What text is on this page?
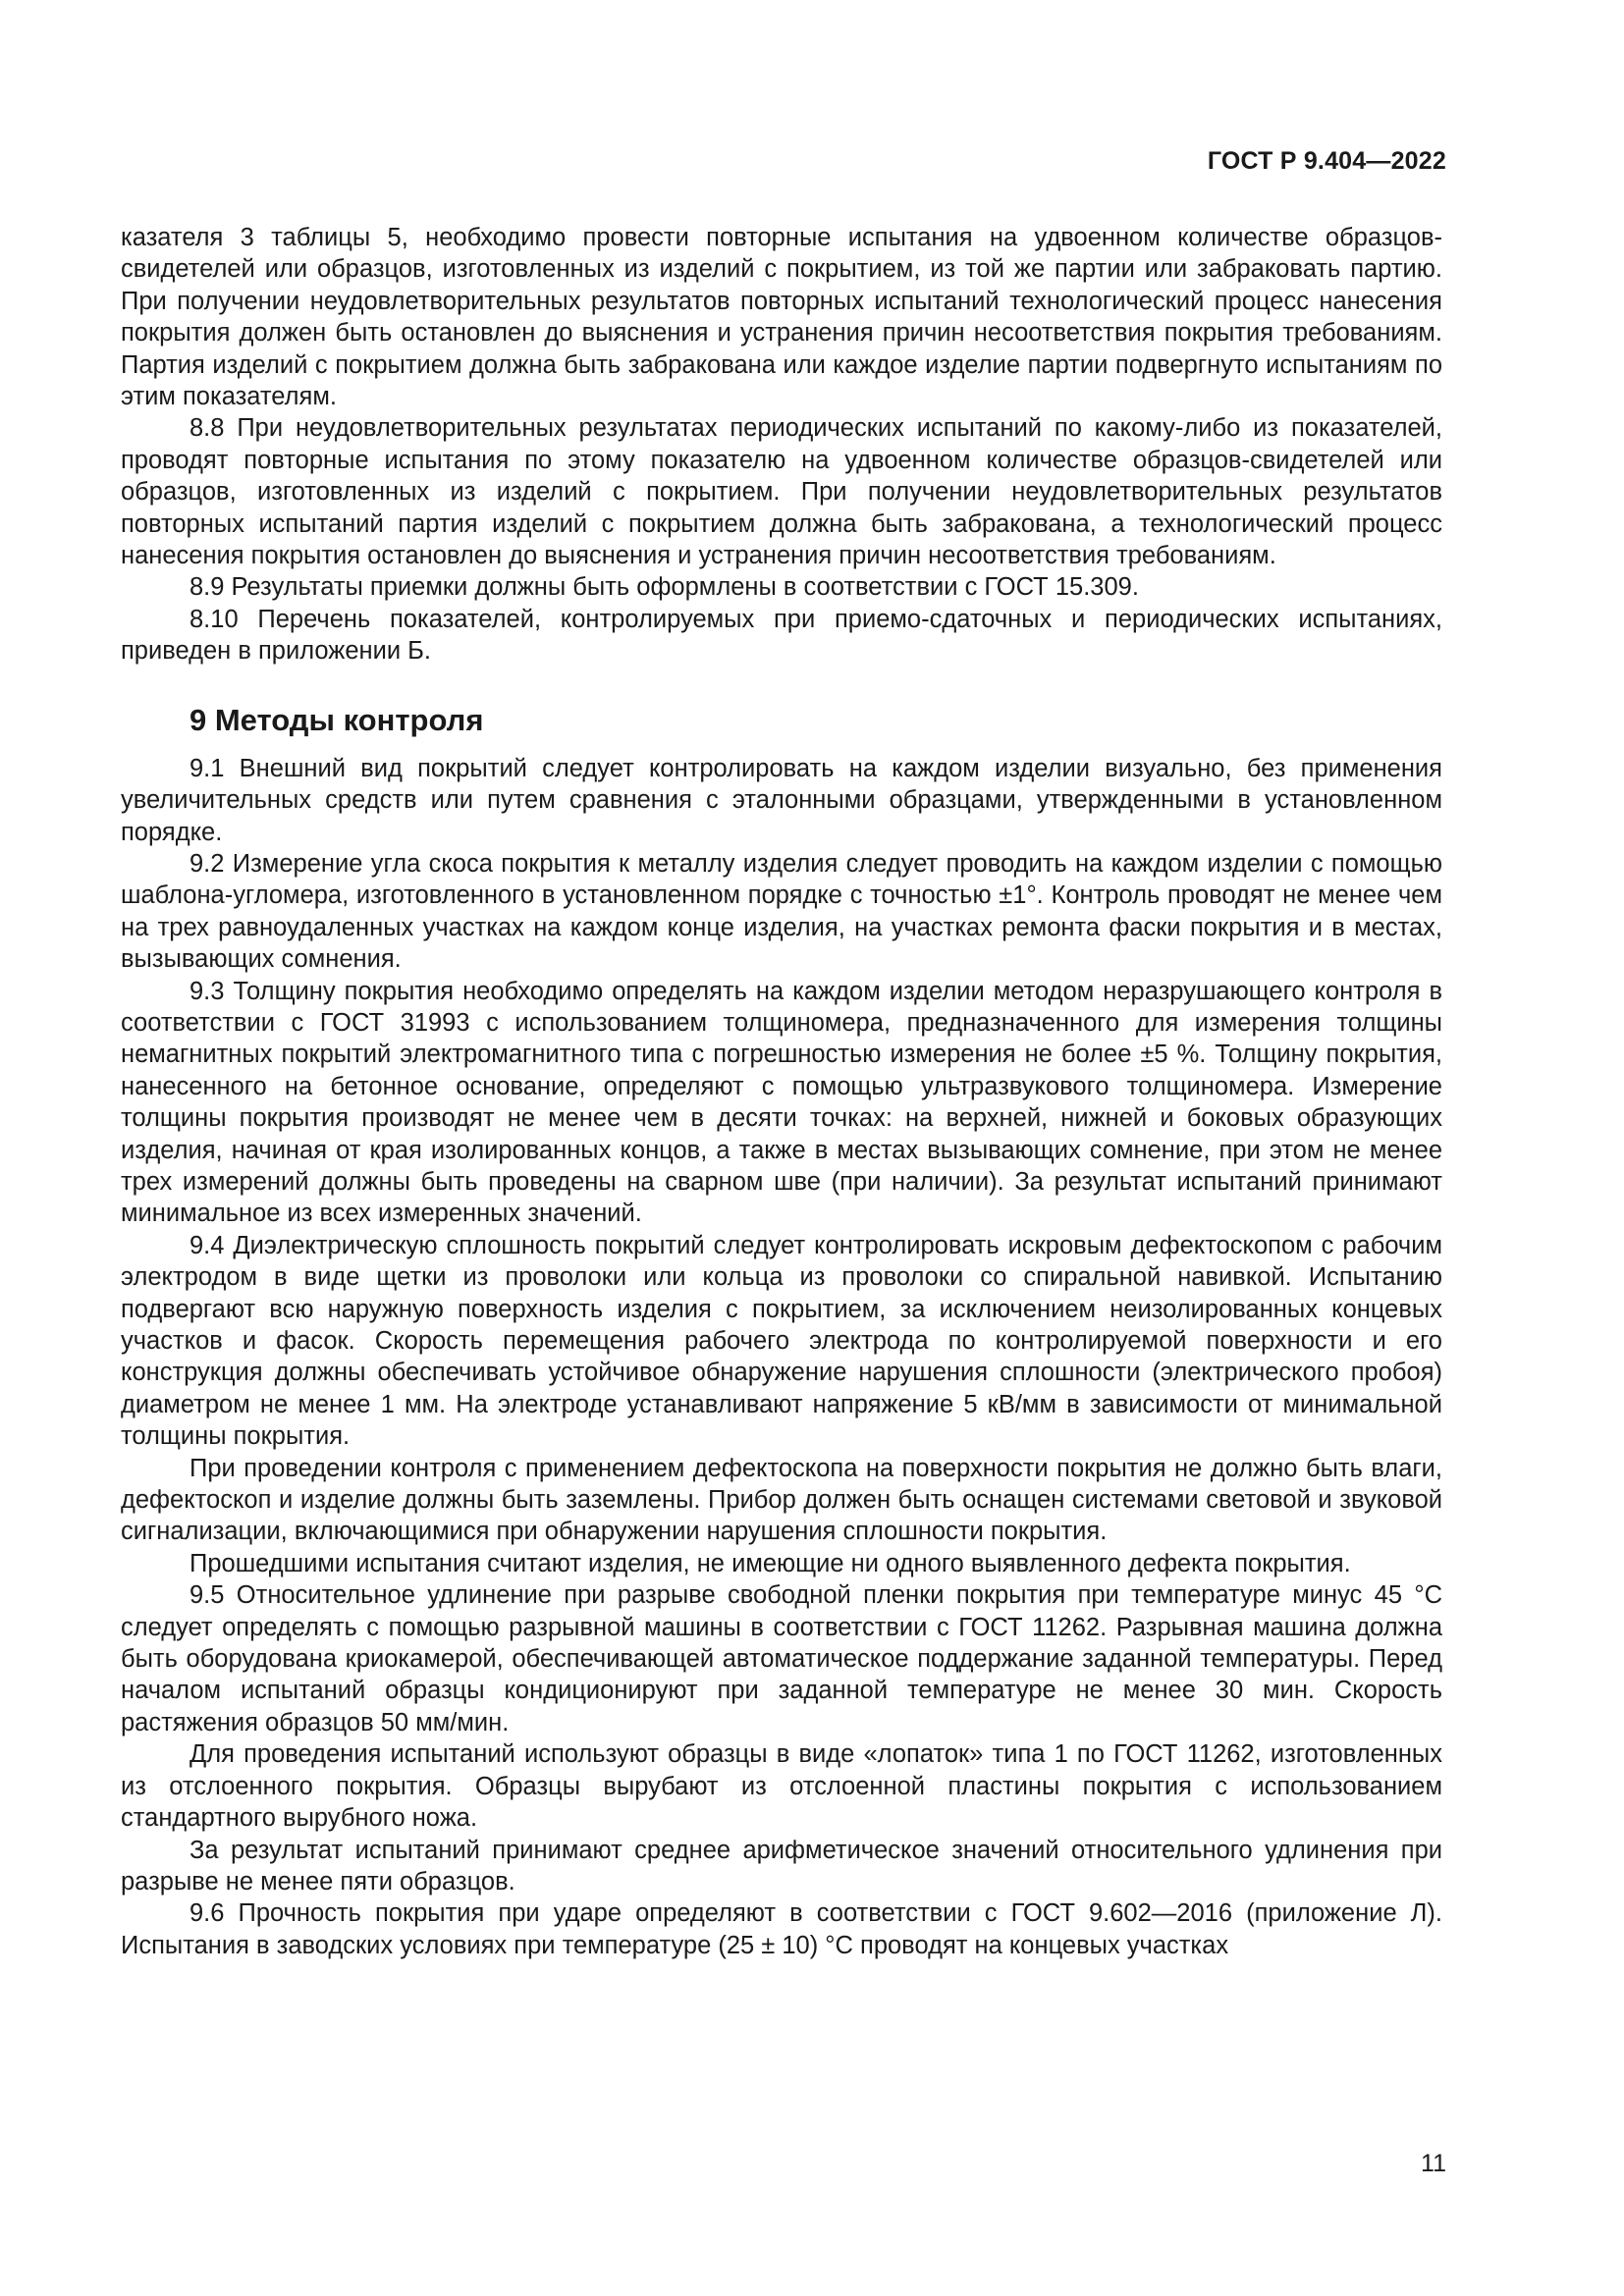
ГОСТ Р 9.404—2022

казателя 3 таблицы 5, необходимо провести повторные испытания на удвоенном количестве образцов-свидетелей или образцов, изготовленных из изделий с покрытием, из той же партии или забраковать партию. При получении неудовлетворительных результатов повторных испытаний технологический процесс нанесения покрытия должен быть остановлен до выяснения и устранения причин несоответствия покрытия требованиям. Партия изделий с покрытием должна быть забракована или каждое изделие партии подвергнуто испытаниям по этим показателям.

8.8 При неудовлетворительных результатах периодических испытаний по какому-либо из показателей, проводят повторные испытания по этому показателю на удвоенном количестве образцов-свидетелей или образцов, изготовленных из изделий с покрытием. При получении неудовлетворительных результатов повторных испытаний партия изделий с покрытием должна быть забракована, а технологический процесс нанесения покрытия остановлен до выяснения и устранения причин несоответствия требованиям.

8.9 Результаты приемки должны быть оформлены в соответствии с ГОСТ 15.309.

8.10 Перечень показателей, контролируемых при приемо-сдаточных и периодических испытаниях, приведен в приложении Б.

9 Методы контроля

9.1 Внешний вид покрытий следует контролировать на каждом изделии визуально, без применения увеличительных средств или путем сравнения с эталонными образцами, утвержденными в установленном порядке.

9.2 Измерение угла скоса покрытия к металлу изделия следует проводить на каждом изделии с помощью шаблона-угломера, изготовленного в установленном порядке с точностью ±1°. Контроль проводят не менее чем на трех равноудаленных участках на каждом конце изделия, на участках ремонта фаски покрытия и в местах, вызывающих сомнения.

9.3 Толщину покрытия необходимо определять на каждом изделии методом неразрушающего контроля в соответствии с ГОСТ 31993 с использованием толщиномера, предназначенного для измерения толщины немагнитных покрытий электромагнитного типа с погрешностью измерения не более ±5 %. Толщину покрытия, нанесенного на бетонное основание, определяют с помощью ультразвукового толщиномера. Измерение толщины покрытия производят не менее чем в десяти точках: на верхней, нижней и боковых образующих изделия, начиная от края изолированных концов, а также в местах вызывающих сомнение, при этом не менее трех измерений должны быть проведены на сварном шве (при наличии). За результат испытаний принимают минимальное из всех измеренных значений.

9.4 Диэлектрическую сплошность покрытий следует контролировать искровым дефектоскопом с рабочим электродом в виде щетки из проволоки или кольца из проволоки со спиральной навивкой. Испытанию подвергают всю наружную поверхность изделия с покрытием, за исключением неизолированных концевых участков и фасок. Скорость перемещения рабочего электрода по контролируемой поверхности и его конструкция должны обеспечивать устойчивое обнаружение нарушения сплошности (электрического пробоя) диаметром не менее 1 мм. На электроде устанавливают напряжение 5 кВ/мм в зависимости от минимальной толщины покрытия.

При проведении контроля с применением дефектоскопа на поверхности покрытия не должно быть влаги, дефектоскоп и изделие должны быть заземлены. Прибор должен быть оснащен системами световой и звуковой сигнализации, включающимися при обнаружении нарушения сплошности покрытия.

Прошедшими испытания считают изделия, не имеющие ни одного выявленного дефекта покрытия.

9.5 Относительное удлинение при разрыве свободной пленки покрытия при температуре минус 45 °С следует определять с помощью разрывной машины в соответствии с ГОСТ 11262. Разрывная машина должна быть оборудована криокамерой, обеспечивающей автоматическое поддержание заданной температуры. Перед началом испытаний образцы кондиционируют при заданной температуре не менее 30 мин. Скорость растяжения образцов 50 мм/мин.

Для проведения испытаний используют образцы в виде «лопаток» типа 1 по ГОСТ 11262, изготовленных из отслоенного покрытия. Образцы вырубают из отслоенной пластины покрытия с использованием стандартного вырубного ножа.

За результат испытаний принимают среднее арифметическое значений относительного удлинения при разрыве не менее пяти образцов.

9.6 Прочность покрытия при ударе определяют в соответствии с ГОСТ 9.602—2016 (приложение Л). Испытания в заводских условиях при температуре (25 ± 10) °С проводят на концевых участках

11
